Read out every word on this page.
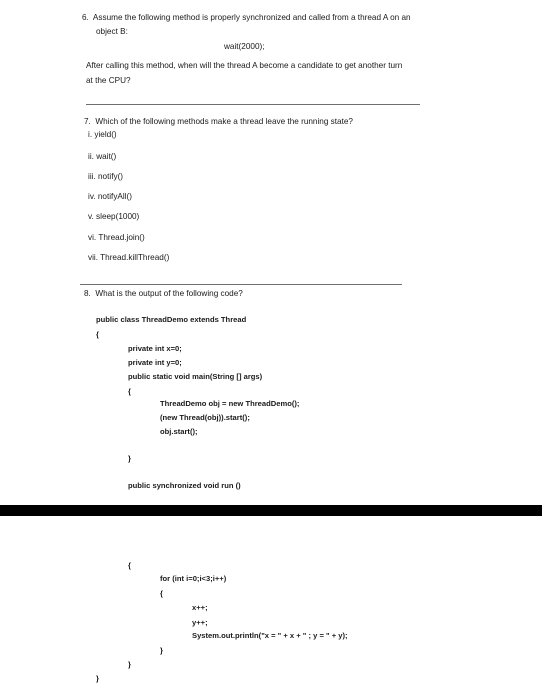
6.  Assume the following method is properly synchronized and called from a thread A on an
object B:
wait(2000);
After calling this method, when will the thread A become a candidate to get another turn
at the CPU?
7.  Which of the following methods make a thread leave the running state?
i. yield()
ii. wait()
iii. notify()
iv. notifyAll()
v. sleep(1000)
vi. Thread.join()
vii. Thread.killThread()
8.  What is the output of the following code?
public class ThreadDemo extends Thread
{
private int x=0;
private int y=0;
public static void main(String [] args)
{
ThreadDemo obj = new ThreadDemo();
(new Thread(obj)).start();
obj.start();
}
public synchronized void run ()
{
for (int i=0;i<3;i++)
{
x++;
y++;
System.out.println("x = " + x + " ; y = " + y);
}
}
}
